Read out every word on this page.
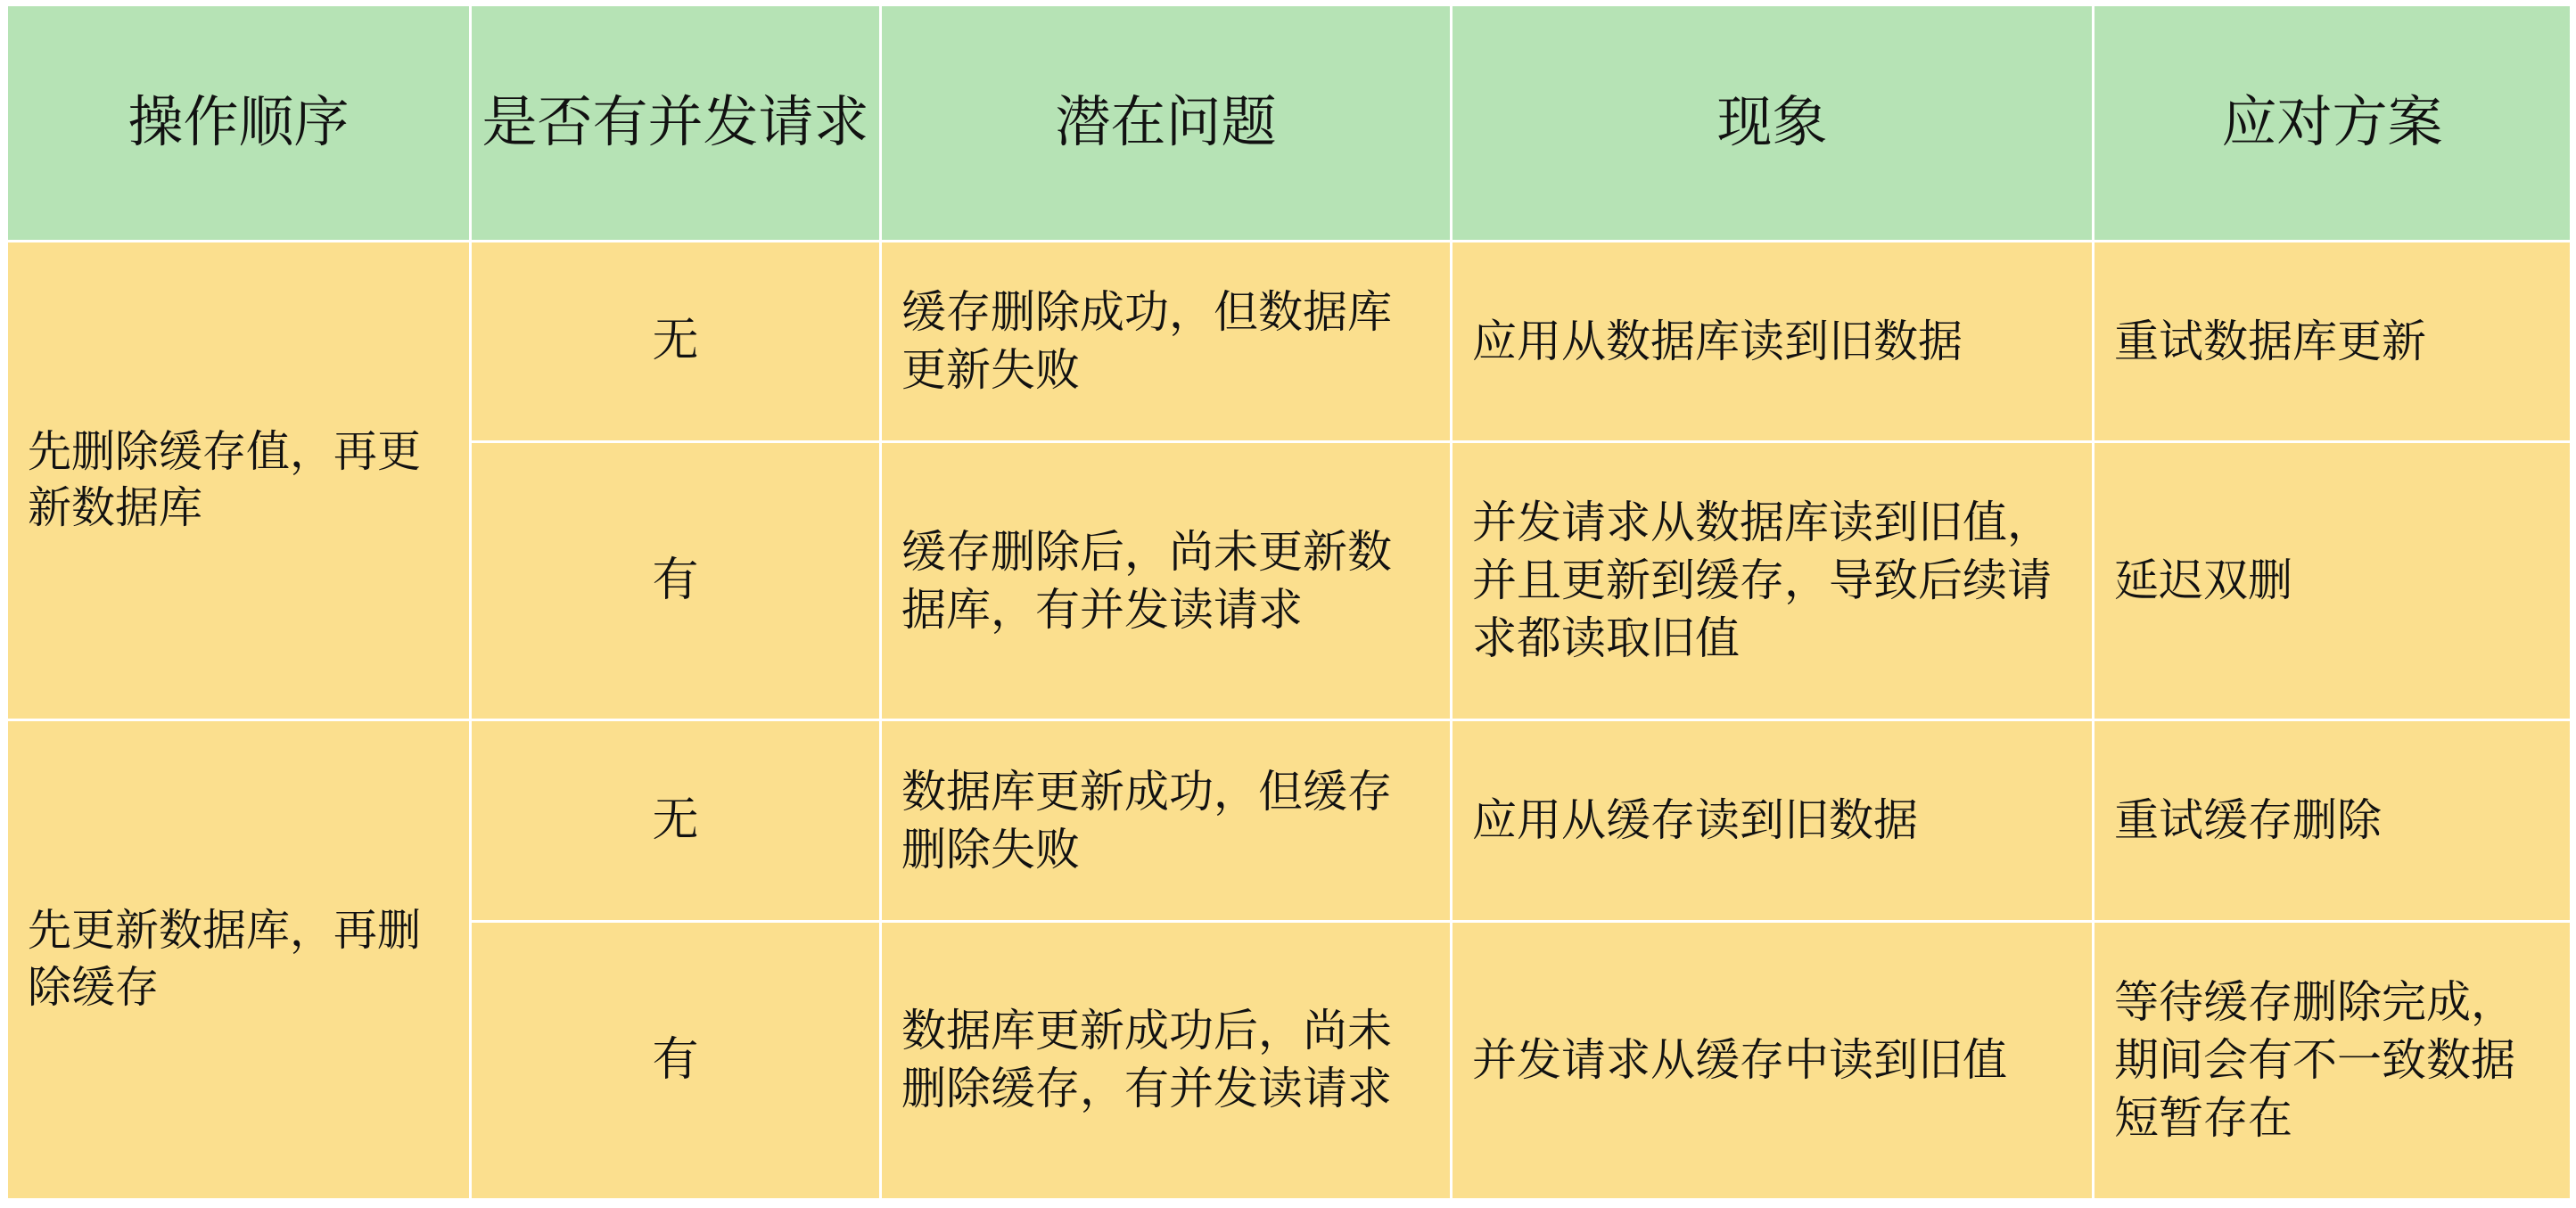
操作顺序	是否有并发请求	潜在问题	现象	应对方案
先删除缓存值，再更新数据库	无	缓存删除成功，但数据库更新失败	应用从数据库读到旧数据	重试数据库更新
	有	缓存删除后，尚未更新数据库，有并发读请求	并发请求从数据库读到旧值，并且更新到缓存，导致后续请求都读取旧值	延迟双删
先更新数据库，再删除缓存	无	数据库更新成功，但缓存删除失败	应用从缓存读到旧数据	重试缓存删除
	有	数据库更新成功后，尚未删除缓存，有并发读请求	并发请求从缓存中读到旧值	等待缓存删除完成，期间会有不一致数据短暂存在
